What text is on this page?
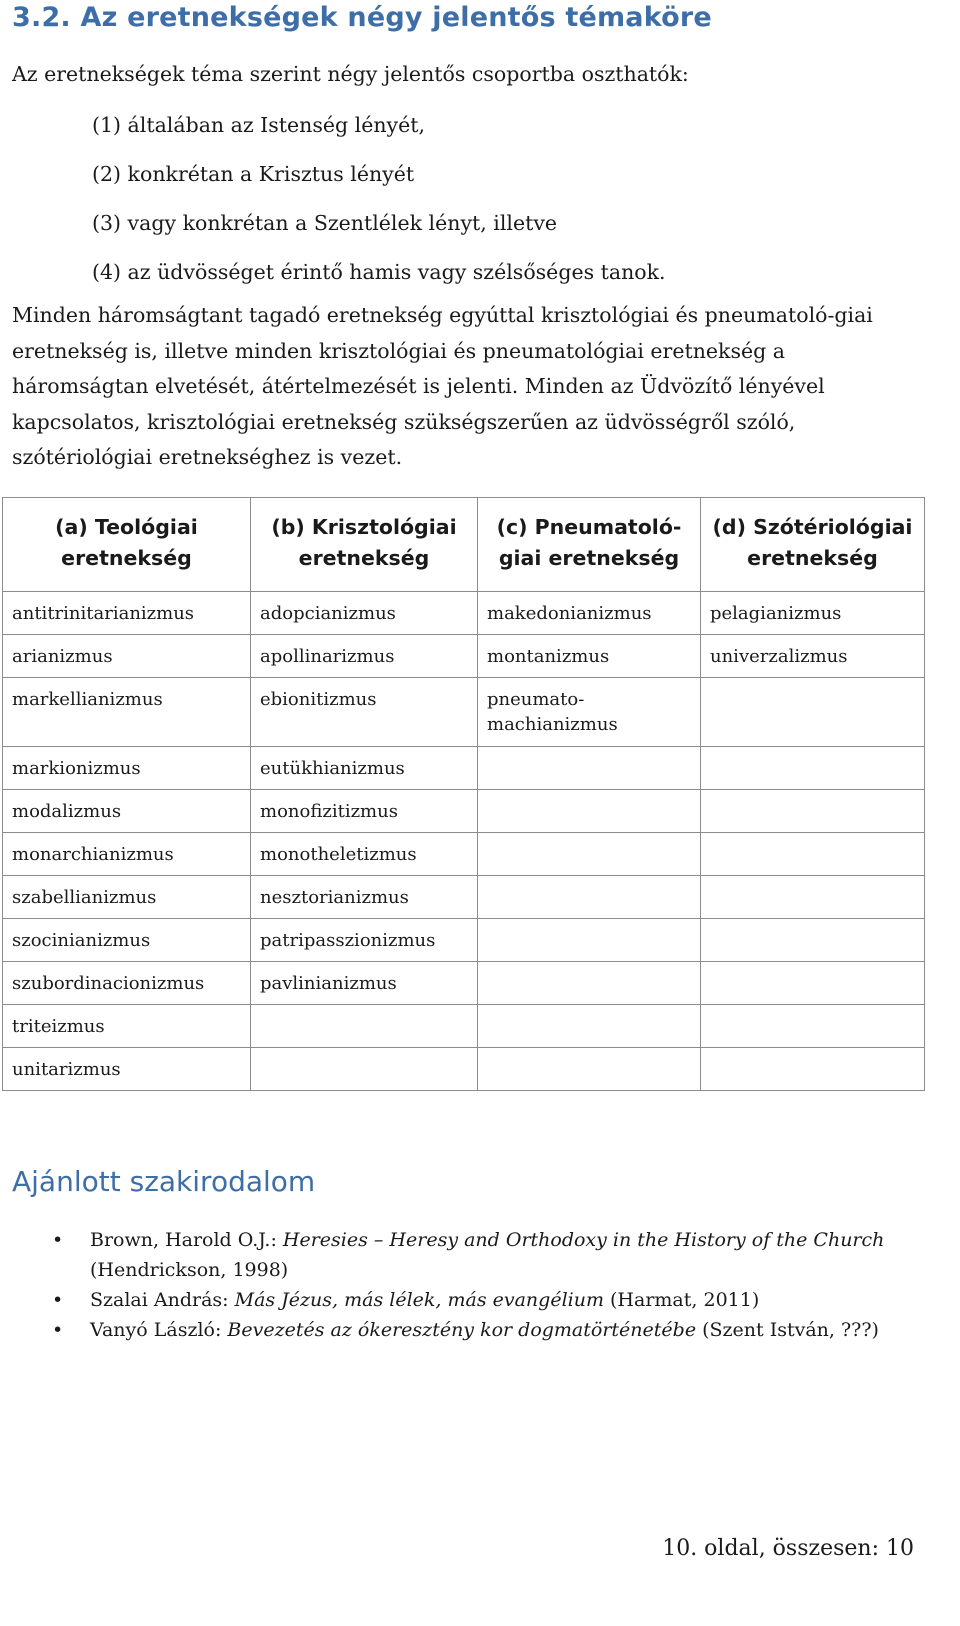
3.2. Az eretnekségek négy jelentős témaköre

Az eretnekségek téma szerint négy jelentős csoportba oszthatók:

(1) általában az Istenség lényét,
(2) konkrétan a Krisztus lényét
(3) vagy konkrétan a Szentlélek lényt, illetve
(4) az üdvösséget érintő hamis vagy szélsőséges tanok.

Minden háromságtant tagadó eretnekség egyúttal krisztológiai és pneumatoló-giai eretnekség is, illetve minden krisztológiai és pneumatológiai eretnekség a háromságtan elvetését, átértelmezését is jelenti. Minden az Üdvözítő lényével kapcsolatos, krisztológiai eretnekség szükségszerűen az üdvösségről szóló, szótériológiai eretnekséghez is vezet.

(a) Teológiai eretnekség	(b) Krisztológiai eretnekség	(c) Pneumatoló-giai eretnekség	(d) Szótériológiai eretnekség
antitrinitarianizmus	adopcianizmus	makedonianizmus	pelagianizmus
arianizmus	apollinarizmus	montanizmus	univerzalizmus
markellianizmus	ebionitizmus	pneumato-machianizmus	
markionizmus	eutükhianizmus		
modalizmus	monofizitizmus		
monarchianizmus	monotheletizmus		
szabellianizmus	nesztorianizmus		
szocinianizmus	patripasszionizmus		
szubordinacionizmus	pavlinianizmus		
triteizmus			
unitarizmus			
Ajánlott szakirodalom
• Brown, Harold O.J.: Heresies – Heresy and Orthodoxy in the History of the Church (Hendrickson, 1998)
• Szalai András: Más Jézus, más lélek, más evangélium (Harmat, 2011)
• Vanyó László: Bevezetés az ókeresztény kor dogmatörténetébe (Szent István, ???)
10. oldal, összesen: 10
